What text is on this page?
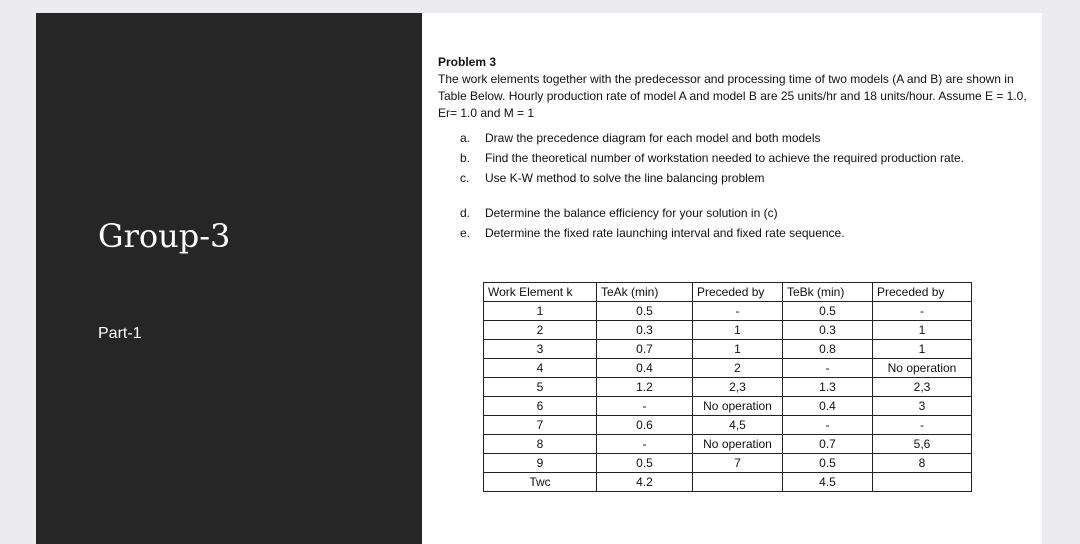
Group-3
Part-1
Problem 3

The work elements together with the predecessor and processing time of two models (A and B) are shown in Table Below. Hourly production rate of model A and model B are 25 units/hr and 18 units/hour. Assume E = 1.0, Er= 1.0 and M = 1

a. Draw the precedence diagram for each model and both models
b. Find the theoretical number of workstation needed to achieve the required production rate.
c. Use K-W method to solve the line balancing problem
d. Determine the balance efficiency for your solution in (c)
e. Determine the fixed rate launching interval and fixed rate sequence.
Work Element k	TeAk (min)	Preceded by	TeBk (min)	Preceded by
1	0.5	-	0.5	-
2	0.3	1	0.3	1
3	0.7	1	0.8	1
4	0.4	2	-	No operation
5	1.2	2,3	1.3	2,3
6	-	No operation	0.4	3
7	0.6	4,5	-	-
8	-	No operation	0.7	5,6
9	0.5	7	0.5	8
Twc	4.2		4.5	
